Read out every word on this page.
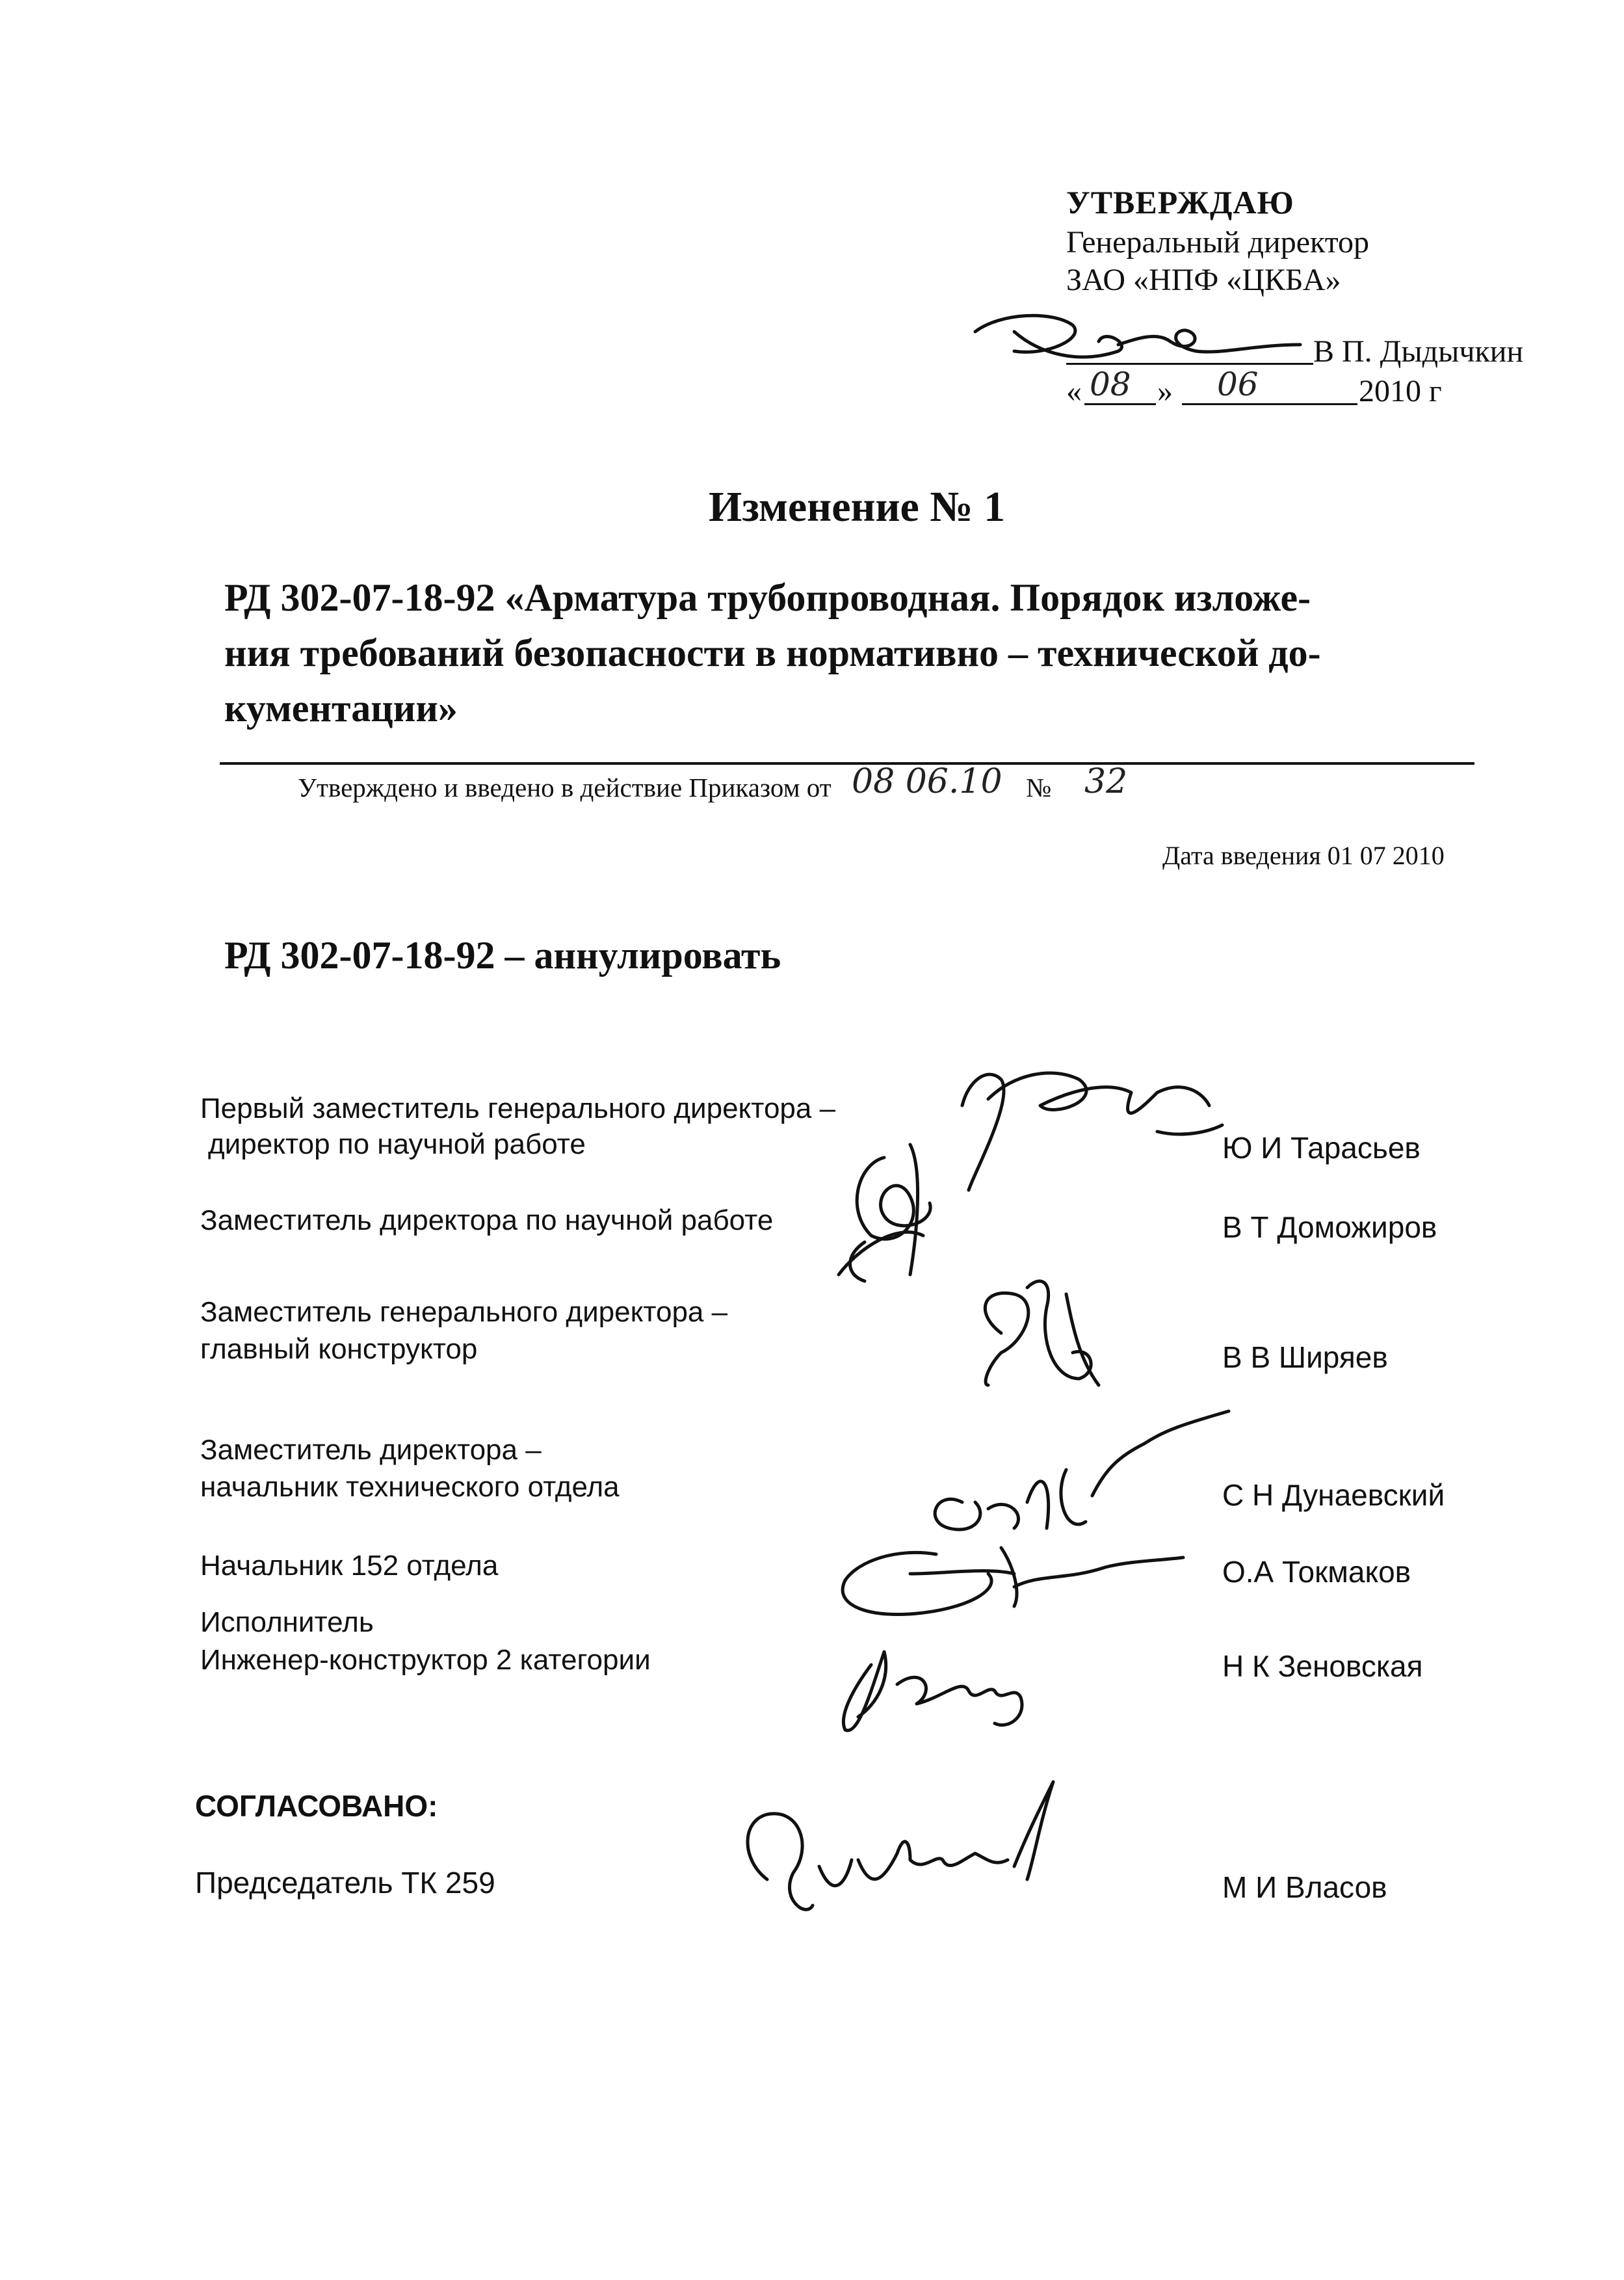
УТВЕРЖДАЮ
Генеральный директор
ЗАО «НПФ «ЦКБА»
В П. Дыдычкин
« 08 » 06	2010 г
Изменение № 1
РД 302-07-18-92 «Арматура трубопроводная. Порядок изложе-
ния требований безопасности в нормативно – технической до-
кументации»
Утверждено и введено в действие Приказом от 08 06.10 № 32
Дата введения 01 07 2010
РД 302-07-18-92 – аннулировать
Первый заместитель генерального директора –
директор по научной работе	Ю И Тарасьев
Заместитель директора по научной работе	В Т Доможиров
Заместитель генерального директора –
главный конструктор	В В Ширяев
Заместитель директора –
начальник технического отдела	С Н Дунаевский
Начальник 152 отдела	О.А Токмаков
Исполнитель
Инженер-конструктор 2 категории	Н К Зеновская
СОГЛАСОВАНО:
Председатель ТК 259	М И Власов
